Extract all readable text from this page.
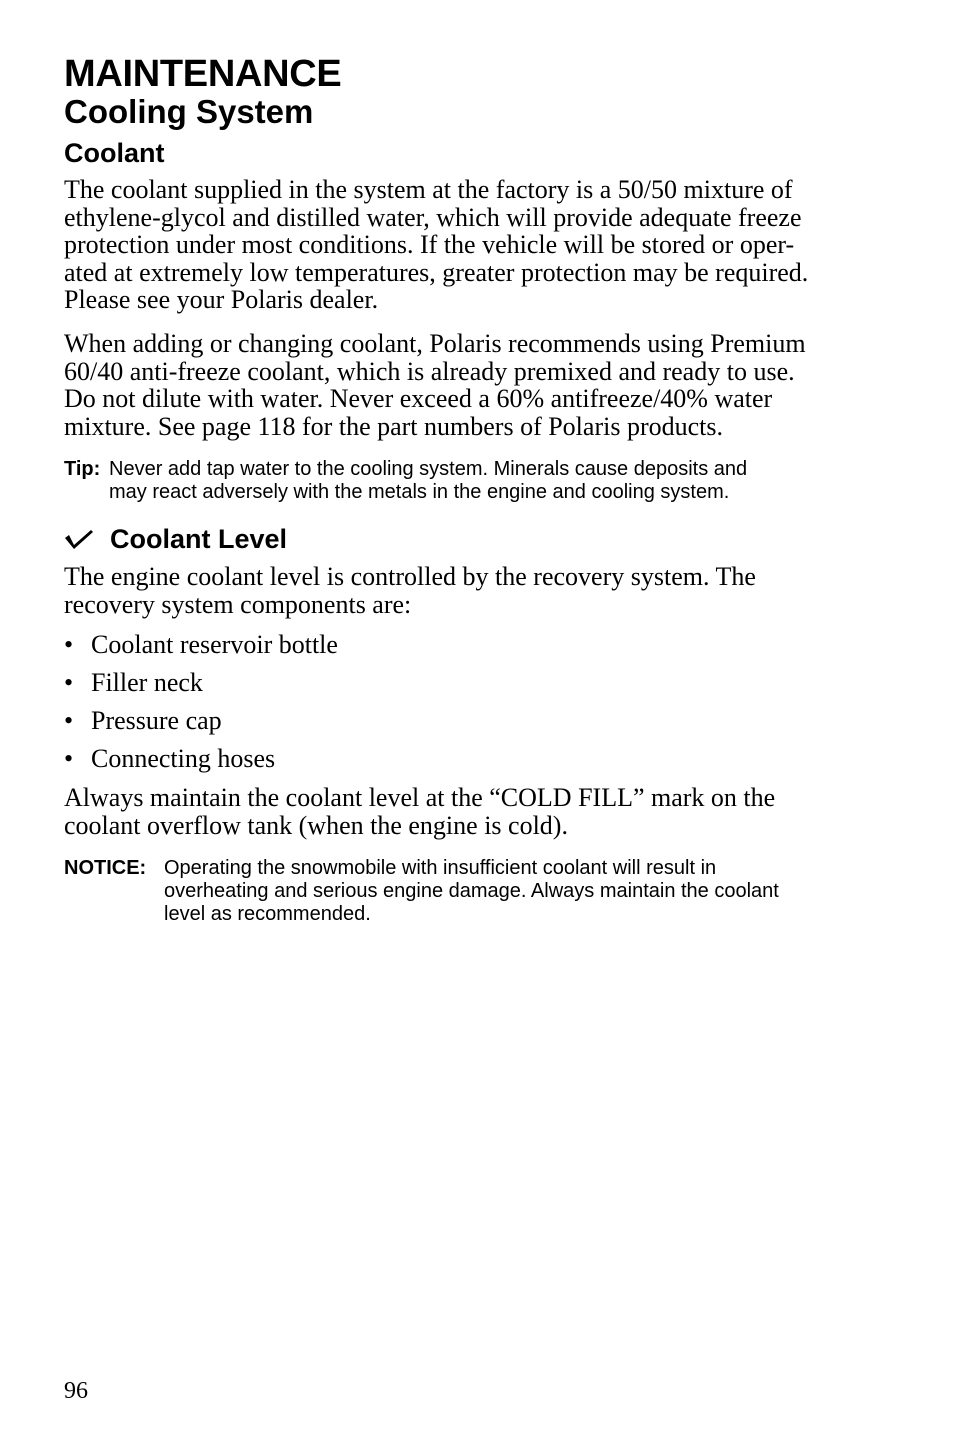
MAINTENANCE
Cooling System
Coolant

The coolant supplied in the system at the factory is a 50/50 mixture of
ethylene-glycol and distilled water, which will provide adequate freeze
protection under most conditions. If the vehicle will be stored or oper-
ated at extremely low temperatures, greater protection may be required.
Please see your Polaris dealer.

When adding or changing coolant, Polaris recommends using Premium
60/40 anti-freeze coolant, which is already premixed and ready to use.
Do not dilute with water. Never exceed a 60% antifreeze/40% water
mixture. See page 118 for the part numbers of Polaris products.

Tip: Never add tap water to the cooling system. Minerals cause deposits and
may react adversely with the metals in the engine and cooling system.
Coolant Level

The engine coolant level is controlled by the recovery system. The
recovery system components are:

• Coolant reservoir bottle
• Filler neck
• Pressure cap
• Connecting hoses

Always maintain the coolant level at the “COLD FILL” mark on the
coolant overflow tank (when the engine is cold).

NOTICE: Operating the snowmobile with insufficient coolant will result in
overheating and serious engine damage. Always maintain the coolant
level as recommended.
96
